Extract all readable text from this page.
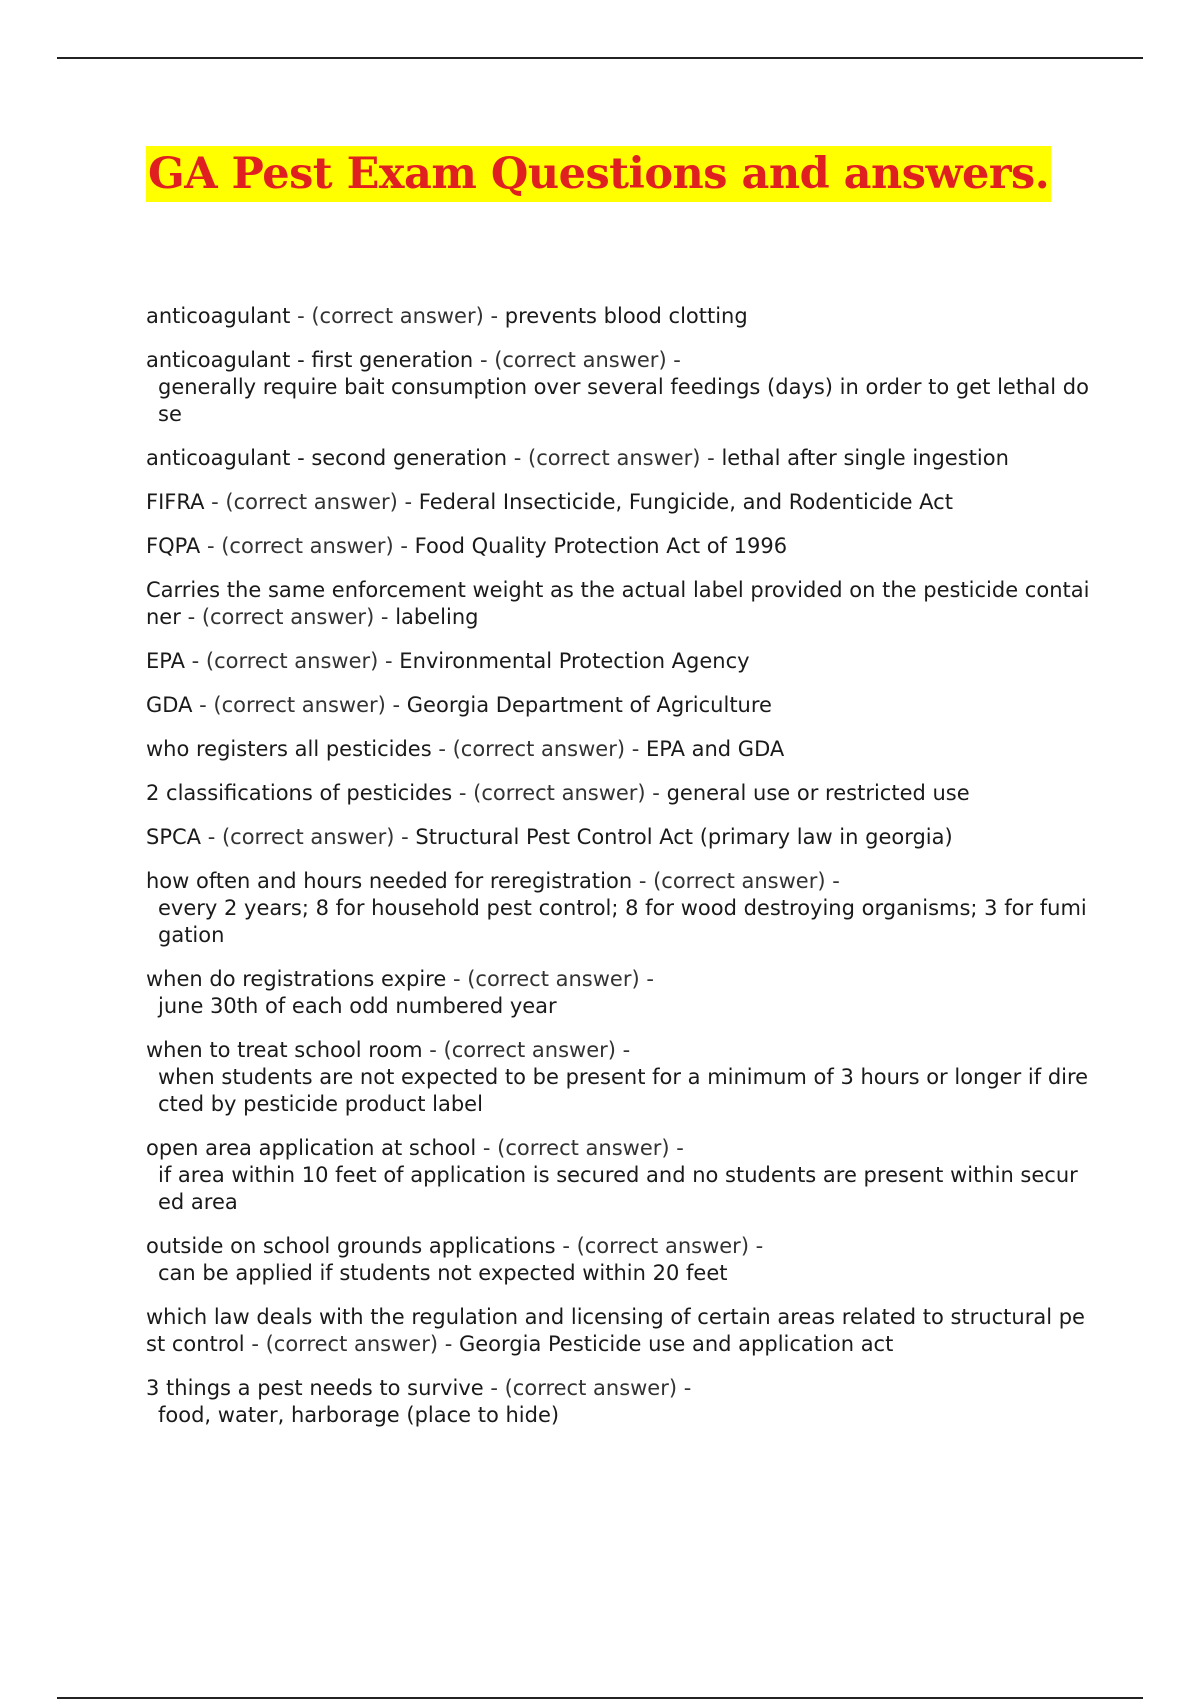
GA Pest Exam Questions and answers.
anticoagulant - (correct answer) - prevents blood clotting
anticoagulant - first generation - (correct answer) -
generally require bait consumption over several feedings (days) in order to get lethal dose
anticoagulant - second generation - (correct answer) - lethal after single ingestion
FIFRA - (correct answer) - Federal Insecticide, Fungicide, and Rodenticide Act
FQPA - (correct answer) - Food Quality Protection Act of 1996
Carries the same enforcement weight as the actual label provided on the pesticide container - (correct answer) - labeling
EPA - (correct answer) - Environmental Protection Agency
GDA - (correct answer) - Georgia Department of Agriculture
who registers all pesticides - (correct answer) - EPA and GDA
2 classifications of pesticides - (correct answer) - general use or restricted use
SPCA - (correct answer) - Structural Pest Control Act (primary law in georgia)
how often and hours needed for reregistration - (correct answer) -
every 2 years; 8 for household pest control; 8 for wood destroying organisms; 3 for fumigation
when do registrations expire - (correct answer) -
june 30th of each odd numbered year
when to treat school room - (correct answer) -
when students are not expected to be present for a minimum of 3 hours or longer if directed by pesticide product label
open area application at school - (correct answer) -
if area within 10 feet of application is secured and no students are present within secured area
outside on school grounds applications - (correct answer) -
can be applied if students not expected within 20 feet
which law deals with the regulation and licensing of certain areas related to structural pest control - (correct answer) - Georgia Pesticide use and application act
3 things a pest needs to survive - (correct answer) -
food, water, harborage (place to hide)
